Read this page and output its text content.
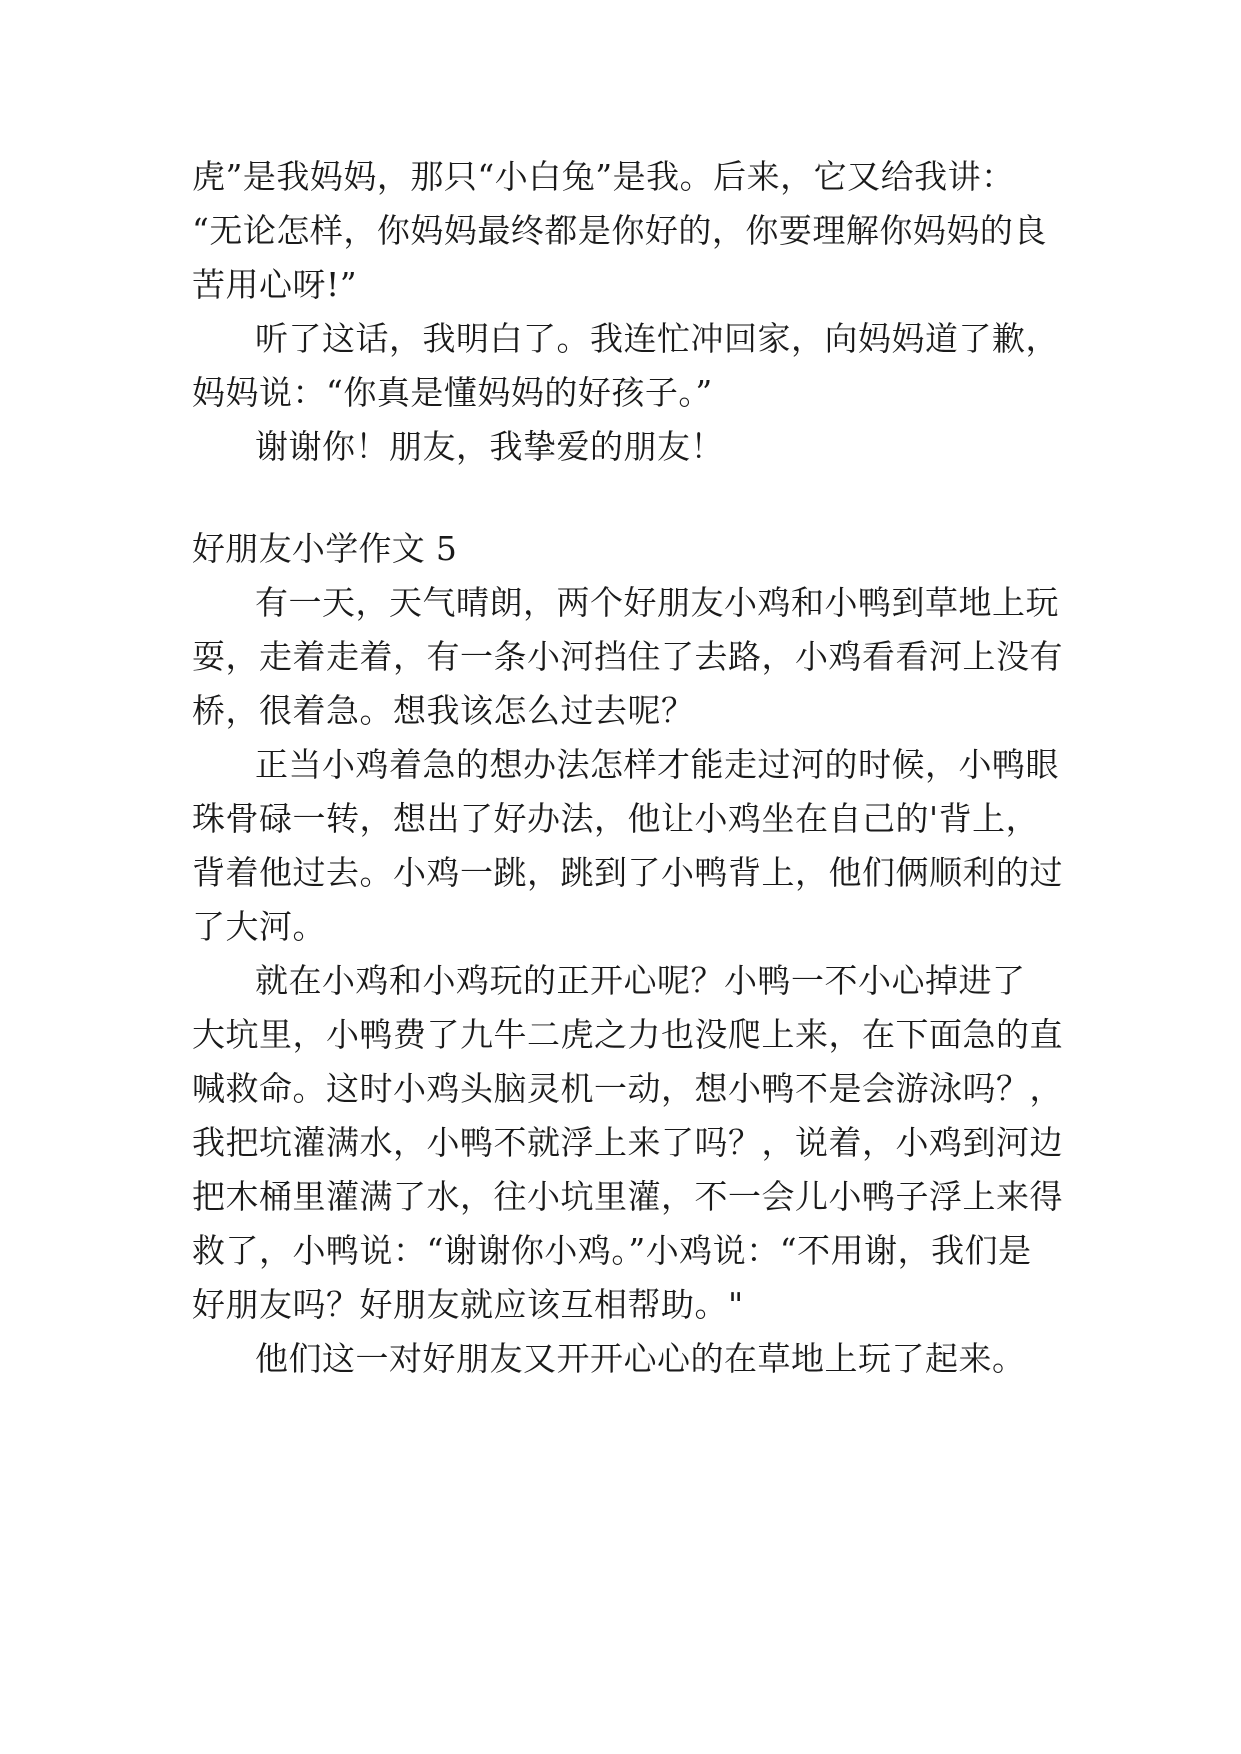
虎”是我妈妈，那只“小白兔”是我。后来，它又给我讲：
“无论怎样，你妈妈最终都是你好的，你要理解你妈妈的良
苦用心呀!”
听了这话，我明白了。我连忙冲回家，向妈妈道了歉，
妈妈说：“你真是懂妈妈的好孩子。”
谢谢你！朋友，我挚爱的朋友！
好朋友小学作文 5
有一天，天气晴朗，两个好朋友小鸡和小鸭到草地上玩
耍，走着走着，有一条小河挡住了去路，小鸡看看河上没有
桥，很着急。想我该怎么过去呢？
正当小鸡着急的想办法怎样才能走过河的时候，小鸭眼
珠骨碌一转，想出了好办法，他让小鸡坐在自己的'背上，
背着他过去。小鸡一跳，跳到了小鸭背上，他们俩顺利的过
了大河。
就在小鸡和小鸡玩的正开心呢？小鸭一不小心掉进了
大坑里，小鸭费了九牛二虎之力也没爬上来，在下面急的直
喊救命。这时小鸡头脑灵机一动，想小鸭不是会游泳吗？，
我把坑灌满水，小鸭不就浮上来了吗？，说着，小鸡到河边
把木桶里灌满了水，往小坑里灌，不一会儿小鸭子浮上来得
救了，小鸭说：“谢谢你小鸡。”小鸡说：“不用谢，我们是
好朋友吗？好朋友就应该互相帮助。"
他们这一对好朋友又开开心心的在草地上玩了起来。
